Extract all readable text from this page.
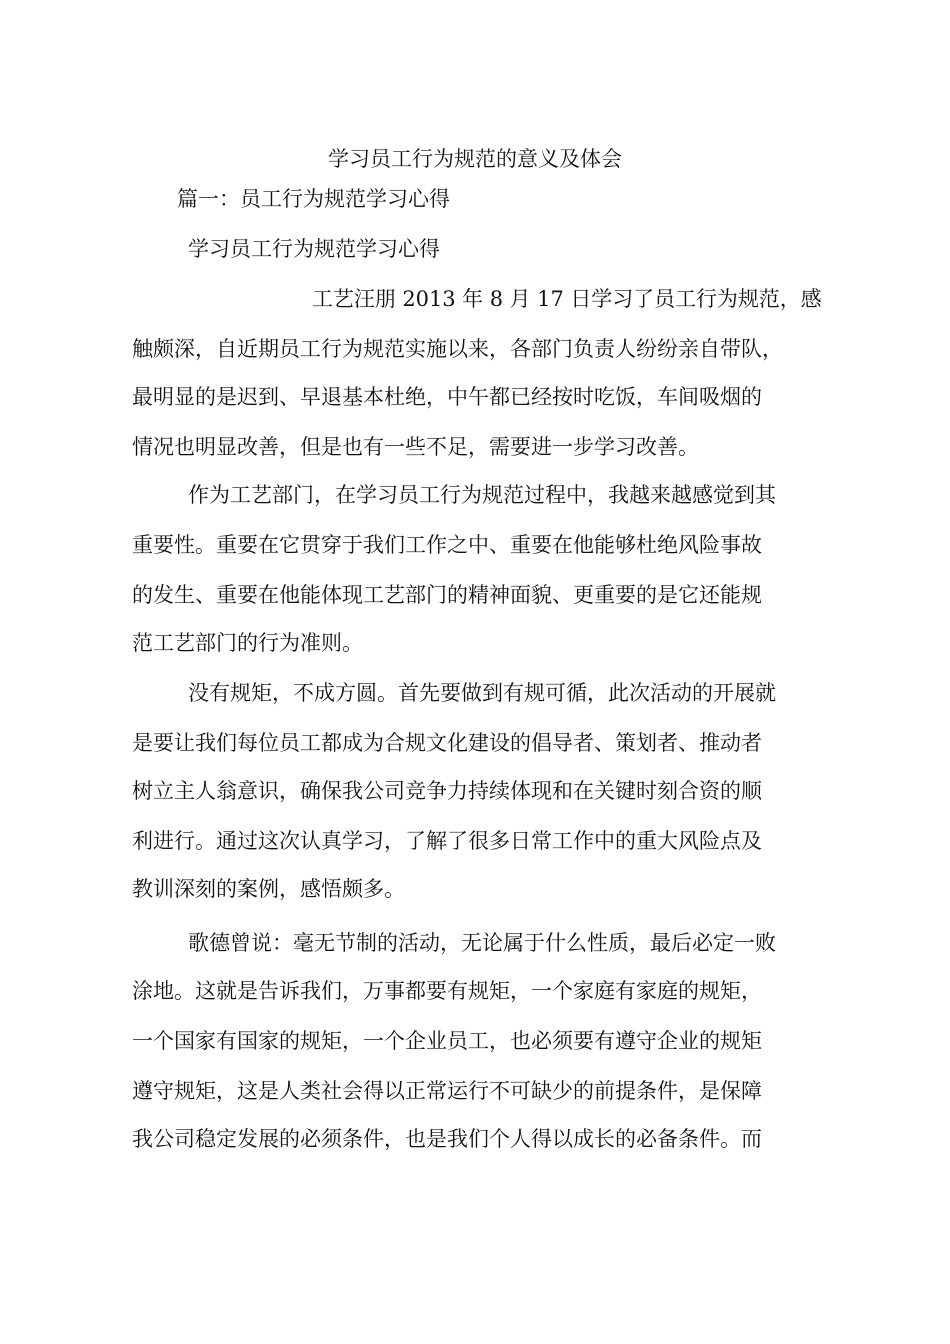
学习员工行为规范的意义及体会
篇一：员工行为规范学习心得
学习员工行为规范学习心得
工艺汪朋 2013 年 8 月 17 日学习了员工行为规范，感
触颇深，自近期员工行为规范实施以来，各部门负责人纷纷亲自带队，
最明显的是迟到、早退基本杜绝，中午都已经按时吃饭，车间吸烟的
情况也明显改善，但是也有一些不足，需要进一步学习改善。
作为工艺部门，在学习员工行为规范过程中，我越来越感觉到其
重要性。重要在它贯穿于我们工作之中、重要在他能够杜绝风险事故
的发生、重要在他能体现工艺部门的精神面貌、更重要的是它还能规
范工艺部门的行为准则。
没有规矩，不成方圆。首先要做到有规可循，此次活动的开展就
是要让我们每位员工都成为合规文化建设的倡导者、策划者、推动者
树立主人翁意识，确保我公司竞争力持续体现和在关键时刻合资的顺
利进行。通过这次认真学习，了解了很多日常工作中的重大风险点及
教训深刻的案例，感悟颇多。
歌德曾说：毫无节制的活动，无论属于什么性质，最后必定一败
涂地。这就是告诉我们，万事都要有规矩，一个家庭有家庭的规矩，
一个国家有国家的规矩，一个企业员工，也必须要有遵守企业的规矩
遵守规矩，这是人类社会得以正常运行不可缺少的前提条件，是保障
我公司稳定发展的必须条件，也是我们个人得以成长的必备条件。而
